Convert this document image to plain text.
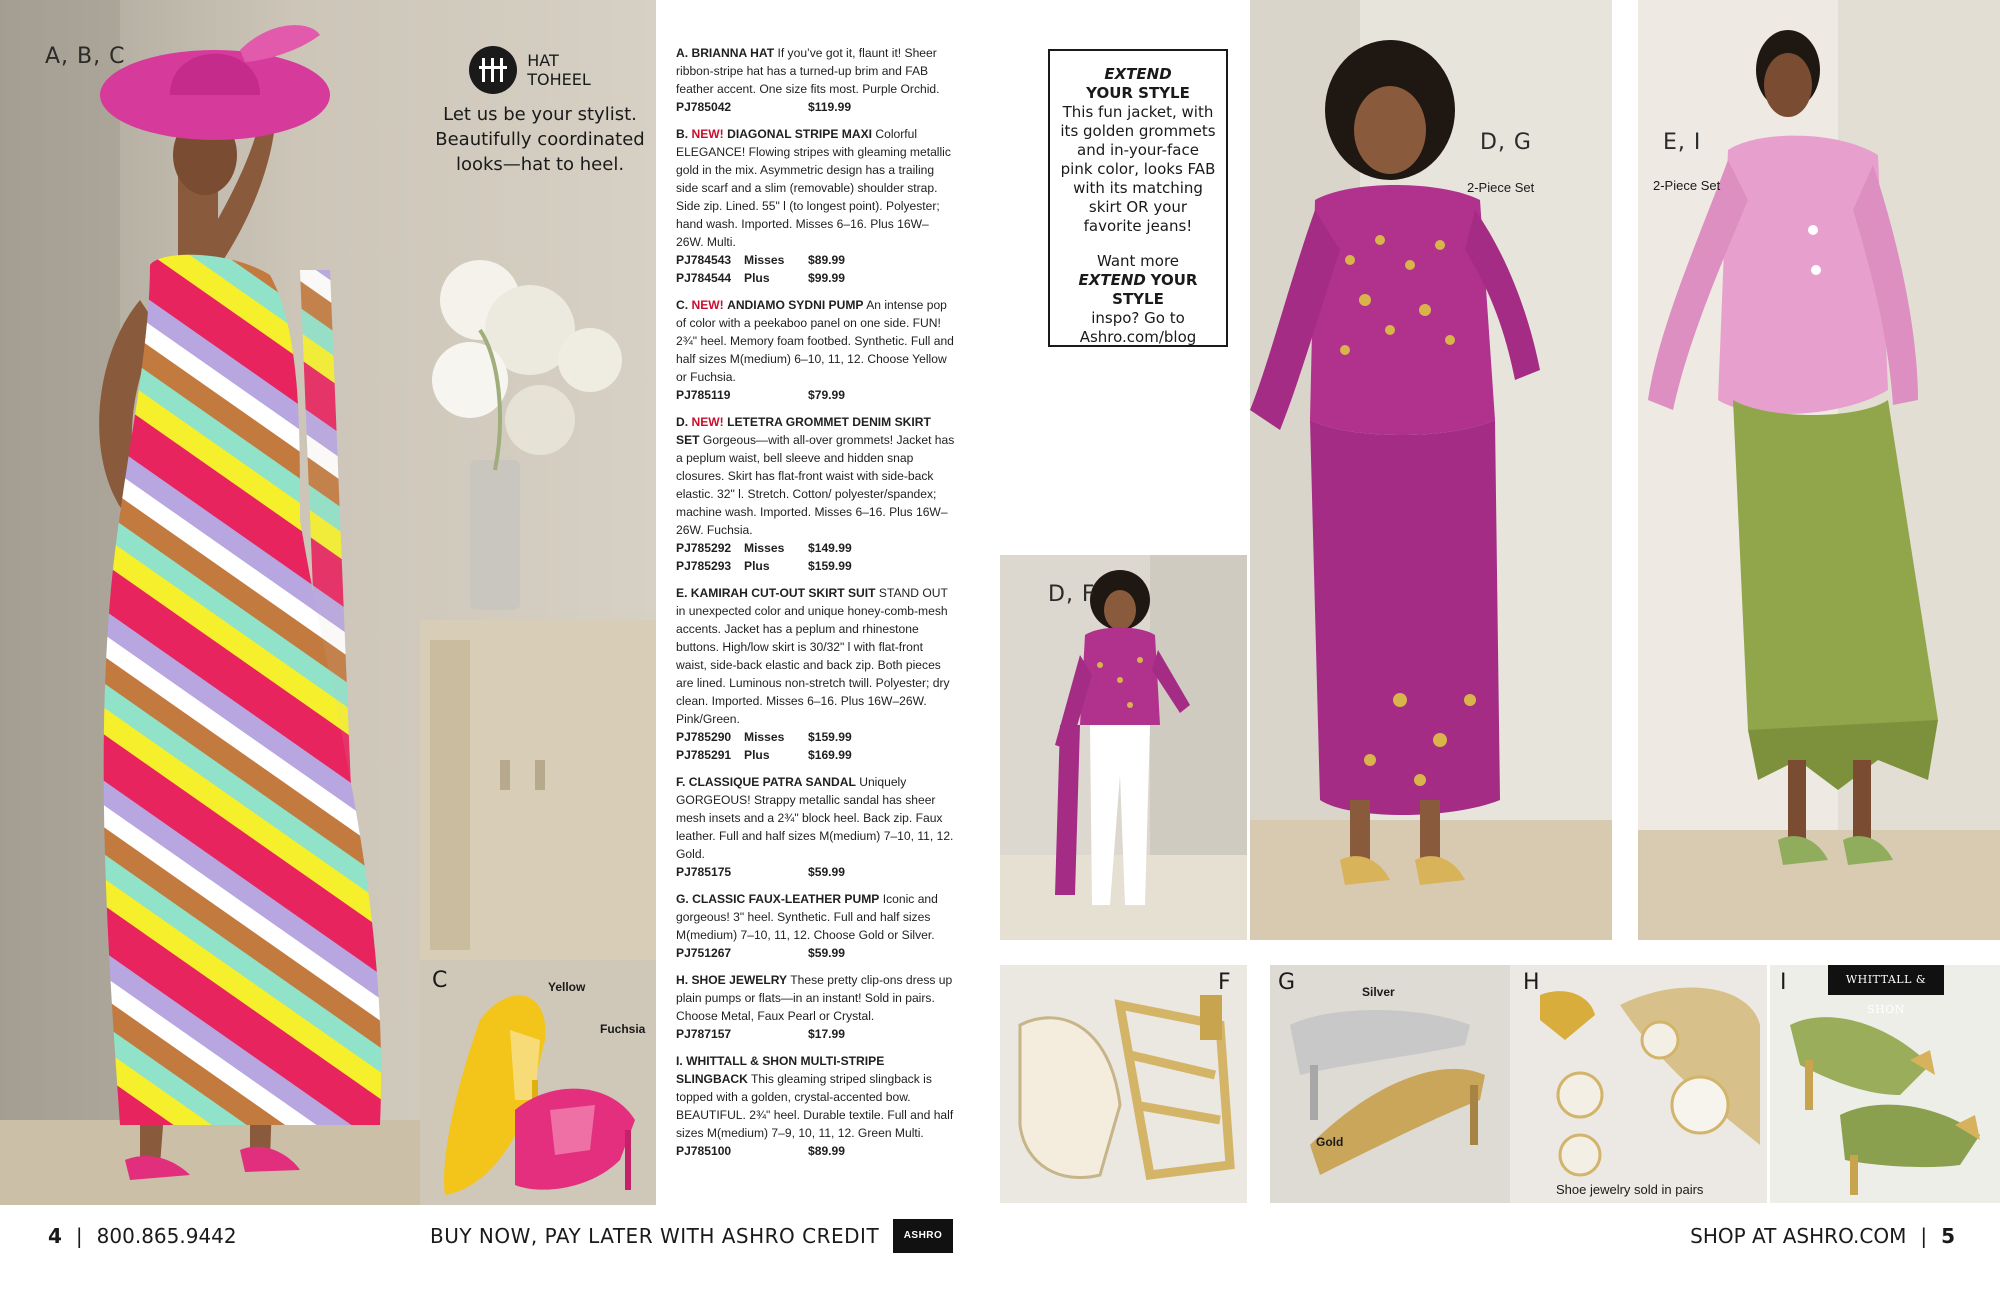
A, B, C	HAT
TOHEEL
Let us be your stylist.
Beautifully coordinated
looks—hat to heel.
C	Yellow
Fuchsia
A. BRIANNA HAT If you’ve got it, flaunt it! Sheer ribbon-stripe hat has a turned-up brim and FAB feather accent. One size fits most. Purple Orchid.
PJ785042	$119.99
B. NEW! DIAGONAL STRIPE MAXI Colorful ELEGANCE! Flowing stripes with gleaming metallic gold in the mix. Asymmetric design has a trailing side scarf and a slim (removable) shoulder strap. Side zip. Lined. 55" l (to longest point). Polyester; hand wash. Imported. Misses 6–16. Plus 16W–26W. Multi.
PJ784543	Misses	$89.99
PJ784544	Plus	$99.99
C. NEW! ANDIAMO SYDNI PUMP An intense pop of color with a peekaboo panel on one side. FUN! 2¾" heel. Memory foam footbed. Synthetic. Full and half sizes M(medium) 6–10, 11, 12. Choose Yellow or Fuchsia.
PJ785119	$79.99
D. NEW! LETETRA GROMMET DENIM SKIRT SET Gorgeous—with all-over grommets! Jacket has a peplum waist, bell sleeve and hidden snap closures. Skirt has flat-front waist with side-back elastic. 32" l. Stretch. Cotton/ polyester/spandex; machine wash. Imported. Misses 6–16. Plus 16W–26W. Fuchsia.
PJ785292	Misses	$149.99
PJ785293	Plus	$159.99
E. KAMIRAH CUT-OUT SKIRT SUIT STAND OUT in unexpected color and unique honey-comb-mesh accents. Jacket has a peplum and rhinestone buttons. High/low skirt is 30/32" l with flat-front waist, side-back elastic and back zip. Both pieces are lined. Luminous non-stretch twill. Polyester; dry clean. Imported. Misses 6–16. Plus 16W–26W. Pink/Green.
PJ785290	Misses	$159.99
PJ785291	Plus	$169.99
F. CLASSIQUE PATRA SANDAL Uniquely GORGEOUS! Strappy metallic sandal has sheer mesh insets and a 2¾" block heel. Back zip. Faux leather. Full and half sizes M(medium) 7–10, 11, 12. Gold.
PJ785175	$59.99
G. CLASSIC FAUX-LEATHER PUMP Iconic and gorgeous! 3" heel. Synthetic. Full and half sizes M(medium) 7–10, 11, 12. Choose Gold or Silver.
PJ751267	$59.99
H. SHOE JEWELRY These pretty clip-ons dress up plain pumps or flats—in an instant! Sold in pairs. Choose Metal, Faux Pearl or Crystal.
PJ787157	$17.99
I. WHITTALL & SHON MULTI-STRIPE SLINGBACK This gleaming striped slingback is topped with a golden, crystal-accented bow. BEAUTIFUL. 2¾" heel. Durable textile. Full and half sizes M(medium) 7–9, 10, 11, 12. Green Multi.
PJ785100	$89.99
EXTEND
YOUR STYLE

This fun jacket, with its golden grommets and in-your-face pink color, looks FAB with its matching skirt OR your favorite jeans!

Want more
EXTEND YOUR STYLE
inspo? Go to
Ashro.com/blog
D, G
2-Piece Set
D, F
E, I
2-Piece Set
F G	Silver
Gold
H
Shoe jewelry sold in pairs
I	WHITTALL & SHON
4 | 800.865.9442	BUY NOW, PAY LATER WITH ASHRO CREDIT	ASHRO	SHOP AT ASHRO.COM | 5
